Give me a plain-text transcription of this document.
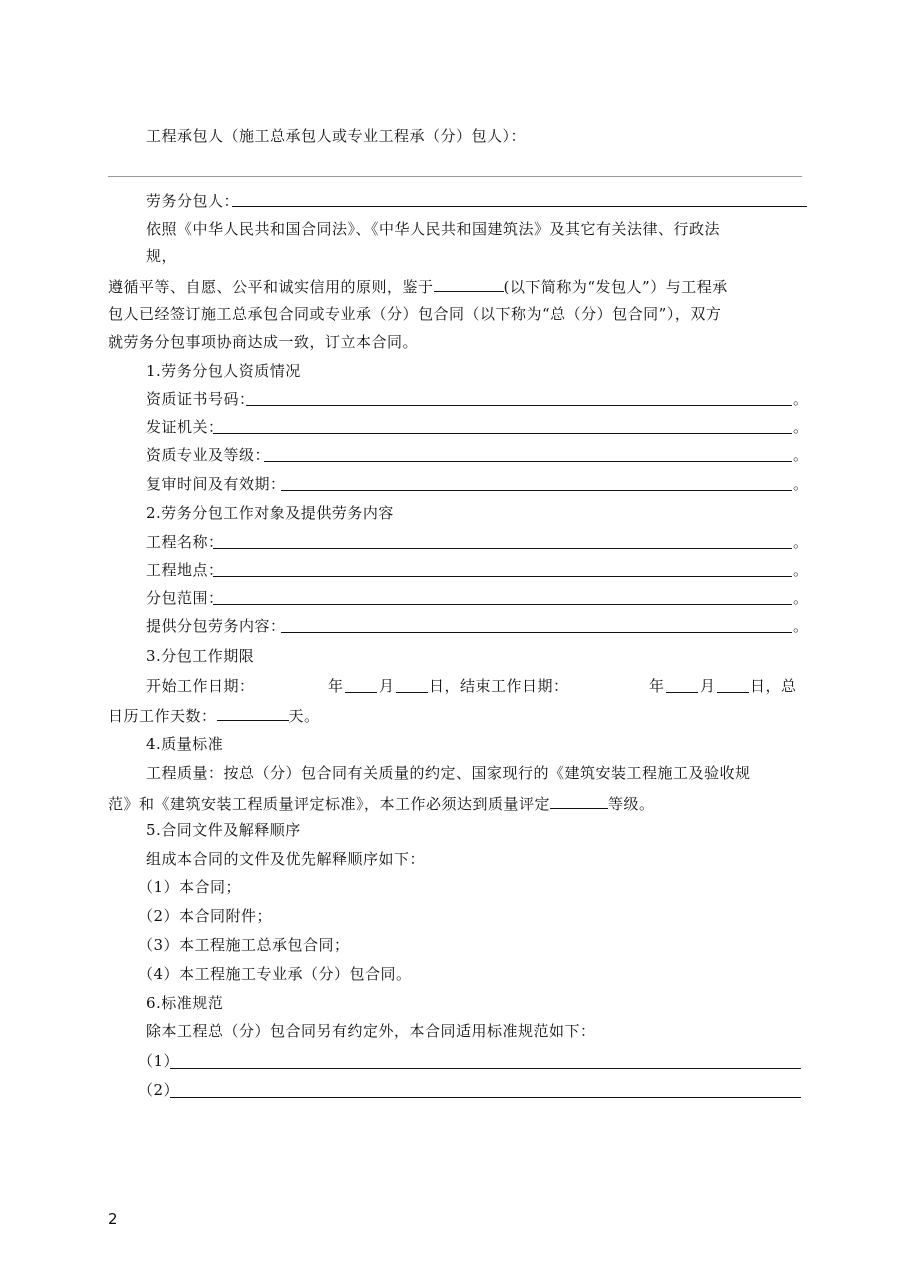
工程承包人（施工总承包人或专业工程承（分）包人）：
劳务分包人：
依照《中华人民共和国合同法》、《中华人民共和国建筑法》及其它有关法律、行政法
规，
遵循平等、自愿、公平和诚实信用的原则，鉴于	(以下简称为“发包人”）与工程承
包人已经签订施工总承包合同或专业承（分）包合同（以下称为“总（分）包合同”），双方
就劳务分包事项协商达成一致，订立本合同。
1.劳务分包人资质情况
资质证书号码：	。
发证机关：	。
资质专业及等级：	。
复审时间及有效期：	。
2.劳务分包工作对象及提供劳务内容
工程名称：	。
工程地点：	。
分包范围：	。
提供分包劳务内容：	。
3.分包工作期限
开始工作日期：	年 月 日，结束工作日期：	年 月 日，总
日历工作天数：	天。
4.质量标准
工程质量：按总（分）包合同有关质量的约定、国家现行的《建筑安装工程施工及验收规
范》和《建筑安装工程质量评定标准》，本工作必须达到质量评定	等级。
5.合同文件及解释顺序
组成本合同的文件及优先解释顺序如下：
（1）本合同；
（2）本合同附件；
（3）本工程施工总承包合同；
（4）本工程施工专业承（分）包合同。
6.标准规范
除本工程总（分）包合同另有约定外，本合同适用标准规范如下：
（1）
（2）
2
